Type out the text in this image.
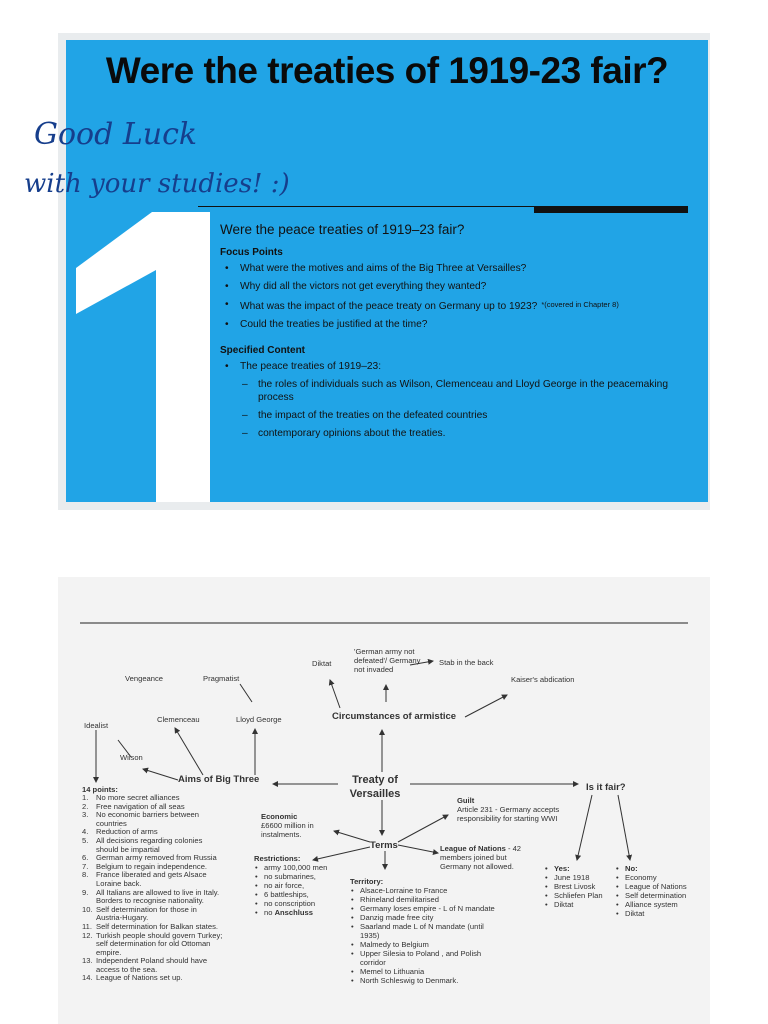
Were the treaties of 1919-23 fair?
1
Were the peace treaties of 1919–23 fair?
Focus Points
• What were the motives and aims of the Big Three at Versailles?
• Why did all the victors not get everything they wanted?
• What was the impact of the peace treaty on Germany up to 1923? *(covered in Chapter 8)
• Could the treaties be justified at the time?
Specified Content
• The peace treaties of 1919–23:
– the roles of individuals such as Wilson, Clemenceau and Lloyd George in the peacemaking process
– the impact of the treaties on the defeated countries
– contemporary opinions about the treaties.
Good Luck
with your studies! :)
Treaty of Versailles
Aims of Big Three
Circumstances of armistice
Terms
Is it fair?
Vengeance	Pragmatist
Clemenceau	Lloyd George
Idealist
Wilson
Diktat
'German army not defeated'/ Germany not invaded
Stab in the back
Kaiser's abdication
14 points:
1. No more secret alliances
2. Free navigation of all seas
3. No economic barriers between countries
4. Reduction of arms
5. All decisions regarding colonies should be impartial
6. German army removed from Russia
7. Belgium to regain independence.
8. France liberated and gets Alsace Loraine back.
9. All Italians are allowed to live in Italy. Borders to recognise nationality.
10. Self determination for those in Austria-Hugary.
11. Self determination for Balkan states.
12. Turkish people should govern Turkey; self determination for old Ottoman empire.
13. Independent Poland should have access to the sea.
14. League of Nations set up.
Guilt
Article 231 - Germany accepts responsibility for starting WWI
Economic
£6600 million in instalments.
League of Nations - 42 members joined but Germany not allowed.
Restrictions:
• army 100,000 men
• no submarines,
• no air force,
• 6 battleships,
• no conscription
• no Anschluss
Territory:
• Alsace-Lorraine to France
• Rhineland demilitarised
• Germany loses empire - L of N mandate
• Danzig made free city
• Saarland made L of N mandate (until 1935)
• Malmedy to Belgium
• Upper Silesia to Poland , and Polish corridor
• Memel to Lithuania
• North Schleswig to Denmark.
• Yes:
• June 1918
• Brest Livosk
• Schliefen Plan
• Diktat
• No:
• Economy
• League of Nations
• Self determination
• Alliance system
• Diktat
